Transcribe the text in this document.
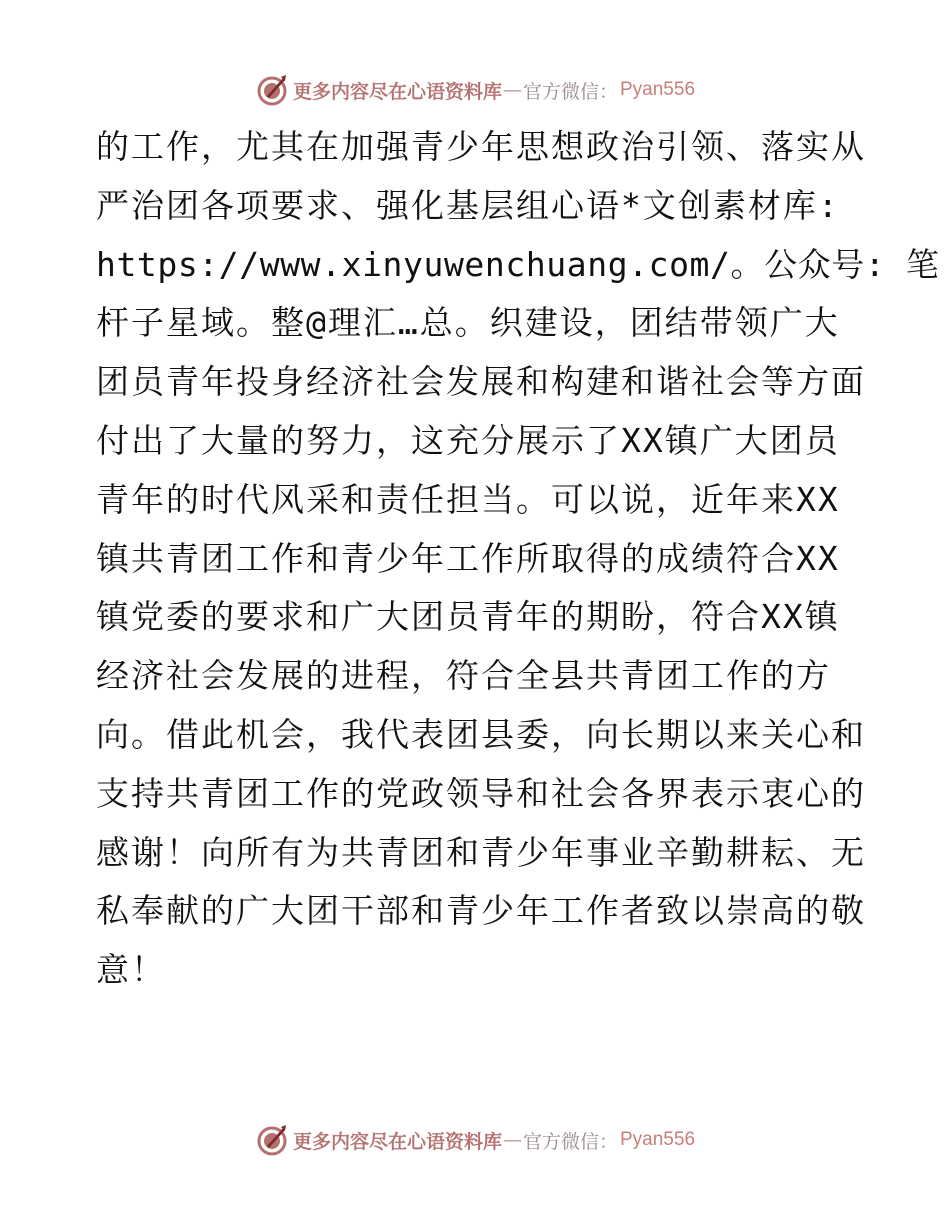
更多内容尽在心语资料库 — 官方微信： Pyan556
的工作，尤其在加强青少年思想政治引领、落实从
严治团各项要求、强化基层组心语*文创素材库:
https://www.xinyuwenchuang.com/。公众号: 笔
杆子星域。整@理汇…总。织建设，团结带领广大
团员青年投身经济社会发展和构建和谐社会等方面
付出了大量的努力，这充分展示了XX镇广大团员
青年的时代风采和责任担当。可以说，近年来XX
镇共青团工作和青少年工作所取得的成绩符合XX
镇党委的要求和广大团员青年的期盼，符合XX镇
经济社会发展的进程，符合全县共青团工作的方
向。借此机会，我代表团县委，向长期以来关心和
支持共青团工作的党政领导和社会各界表示衷心的
感谢！向所有为共青团和青少年事业辛勤耕耘、无
私奉献的广大团干部和青少年工作者致以崇高的敬
意！
更多内容尽在心语资料库 — 官方微信： Pyan556
